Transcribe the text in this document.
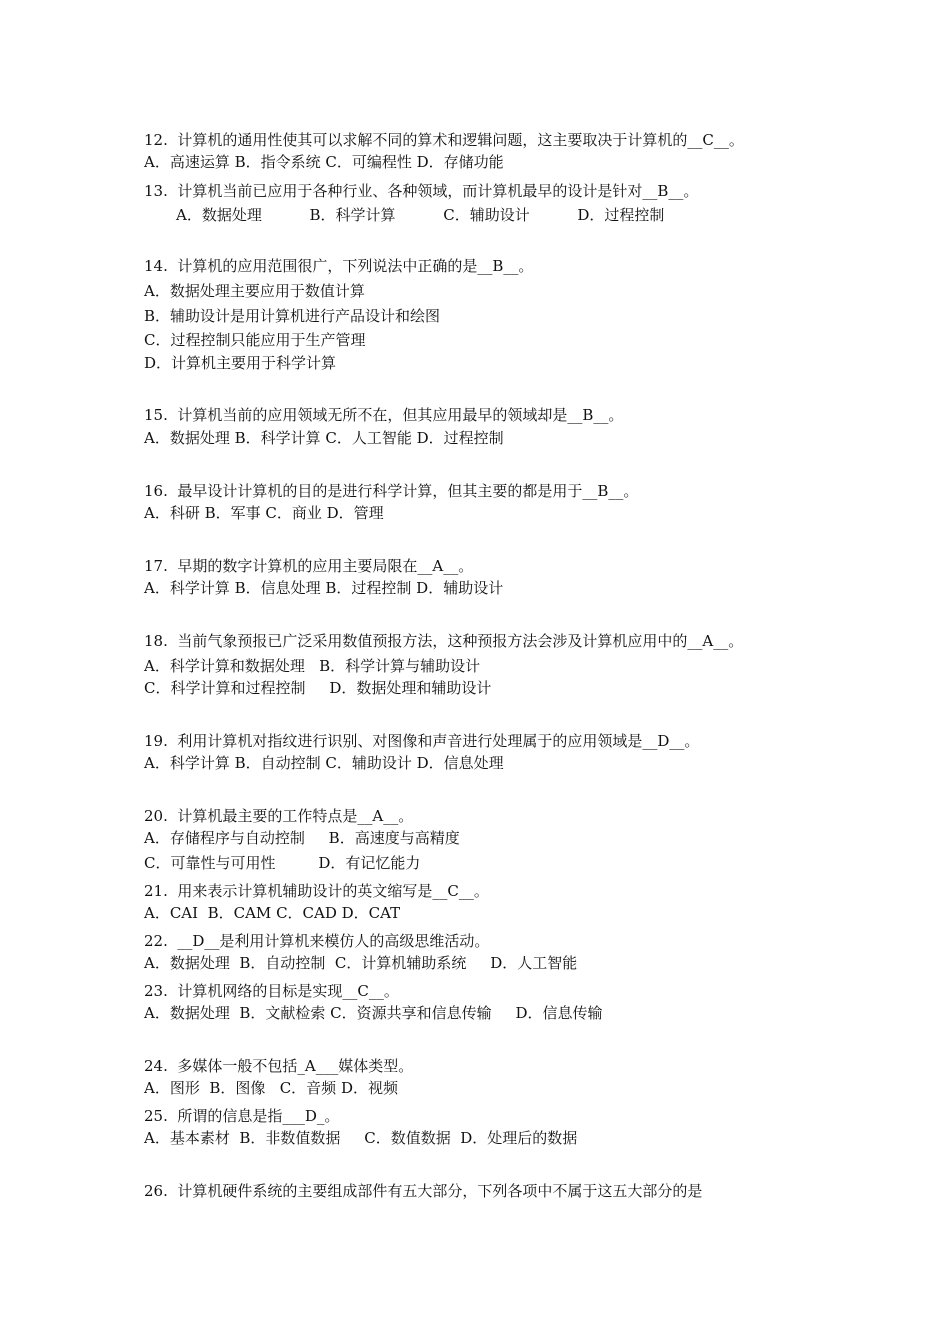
12.  计算机的通用性使其可以求解不同的算术和逻辑问题，这主要取决于计算机的__C__。
A．高速运算 B．指令系统 C．可编程性 D．存储功能
13.  计算机当前已应用于各种行业、各种领域，而计算机最早的设计是针对__B__。
A．数据处理          B．科学计算          C．辅助设计          D．过程控制
14.  计算机的应用范围很广，下列说法中正确的是__B__。
A．数据处理主要应用于数值计算
B．辅助设计是用计算机进行产品设计和绘图
C．过程控制只能应用于生产管理
D．计算机主要用于科学计算
15.  计算机当前的应用领域无所不在，但其应用最早的领域却是__B__。
A．数据处理 B．科学计算 C．人工智能 D．过程控制
16.  最早设计计算机的目的是进行科学计算，但其主要的都是用于__B__。
A．科研 B．军事 C．商业 D．管理
17.  早期的数字计算机的应用主要局限在__A__。
A．科学计算 B．信息处理 B．过程控制 D．辅助设计
18.  当前气象预报已广泛采用数值预报方法，这种预报方法会涉及计算机应用中的__A__。
A．科学计算和数据处理   B．科学计算与辅助设计
C．科学计算和过程控制     D．数据处理和辅助设计
19.  利用计算机对指纹进行识别、对图像和声音进行处理属于的应用领域是__D__。
A．科学计算 B．自动控制 C．辅助设计 D．信息处理
20.  计算机最主要的工作特点是__A__。
A．存储程序与自动控制     B．高速度与高精度
C．可靠性与可用性         D．有记忆能力
21.  用来表示计算机辅助设计的英文缩写是__C__。
A．CAI  B．CAM C．CAD D．CAT
22.  __D__是利用计算机来模仿人的高级思维活动。
A．数据处理  B．自动控制  C．计算机辅助系统     D．人工智能
23.  计算机网络的目标是实现__C__。
A．数据处理  B．文献检索 C．资源共享和信息传输     D．信息传输
24.  多媒体一般不包括_A___媒体类型。
A．图形  B．图像   C．音频 D．视频
25.  所谓的信息是指___D_。
A．基本素材  B．非数值数据     C．数值数据  D．处理后的数据
26.  计算机硬件系统的主要组成部件有五大部分，下列各项中不属于这五大部分的是
